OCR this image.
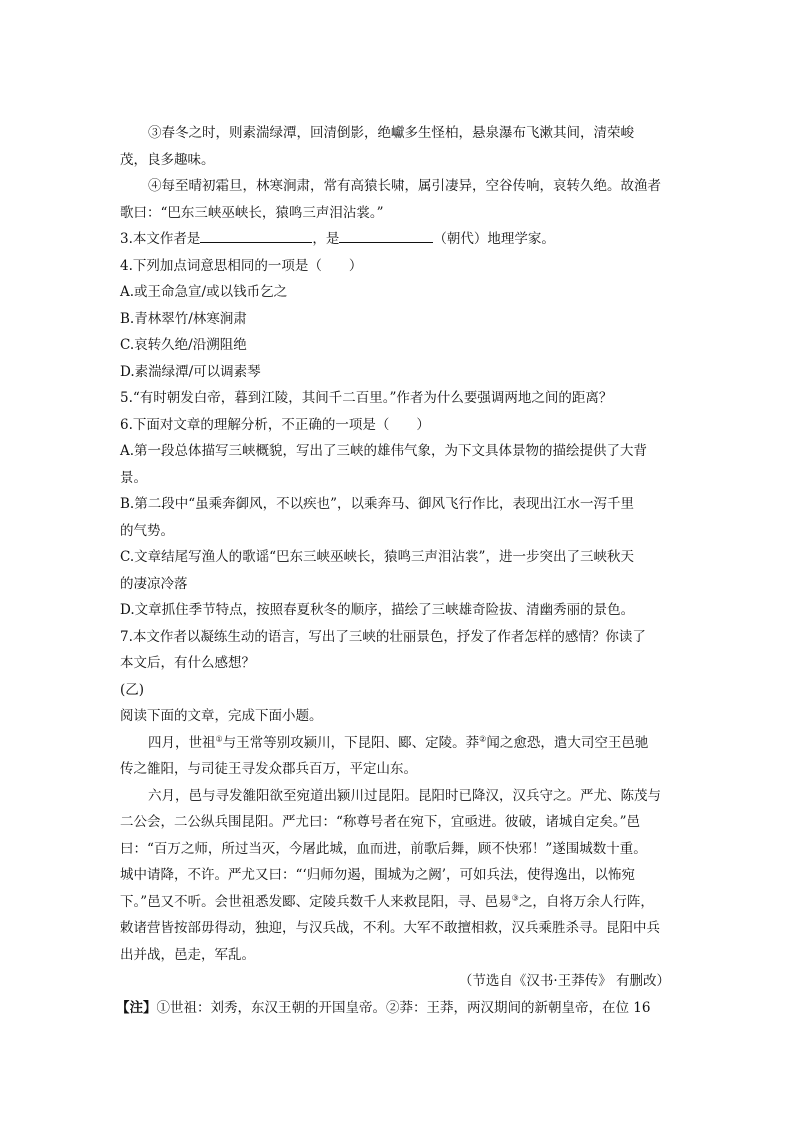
③春冬之时，则素湍绿潭，回清倒影，绝巘多生怪柏，悬泉瀑布飞漱其间，清荣峻
茂，良多趣味。
④每至晴初霜旦，林寒涧肃，常有高猿长啸，属引凄异，空谷传响，哀转久绝。故渔者
歌曰：“巴东三峡巫峡长，猿鸣三声泪沾裳。”
3.本文作者是	，是	（朝代）地理学家。
4.下列加点词意思相同的一项是（　　）
A.或王命急宣/或以钱币乞之
B.青林翠竹/林寒涧肃
C.哀转久绝/沿溯阻绝
D.素湍绿潭/可以调素琴
5.“有时朝发白帝，暮到江陵，其间千二百里。”作者为什么要强调两地之间的距离？
6.下面对文章的理解分析，不正确的一项是（　　）
A.第一段总体描写三峡概貌，写出了三峡的雄伟气象，为下文具体景物的描绘提供了大背
景。
B.第二段中“虽乘奔御风，不以疾也”，以乘奔马、御风飞行作比，表现出江水一泻千里
的气势。
C.文章结尾写渔人的歌谣“巴东三峡巫峡长，猿鸣三声泪沾裳”，进一步突出了三峡秋天
的凄凉冷落
D.文章抓住季节特点，按照春夏秋冬的顺序，描绘了三峡雄奇险拔、清幽秀丽的景色。
7.本文作者以凝练生动的语言，写出了三峡的壮丽景色，抒发了作者怎样的感情？你读了
本文后，有什么感想？
(乙)
阅读下面的文章，完成下面小题。
四月，世祖①与王常等别攻颍川，下昆阳、郾、定陵。莽②闻之愈恐，遣大司空王邑驰
传之雒阳，与司徒王寻发众郡兵百万，平定山东。
六月，邑与寻发雒阳欲至宛道出颍川过昆阳。昆阳时已降汉，汉兵守之。严尤、陈茂与
二公会，二公纵兵围昆阳。严尤曰：“称尊号者在宛下，宜亟进。彼破，诸城自定矣。”邑
曰：“百万之师，所过当灭，今屠此城，血而进，前歌后舞，顾不快邪！”遂围城数十重。
城中请降，不许。严尤又曰：“‘归师勿遏，围城为之阙’，可如兵法，使得逸出，以怖宛
下。”邑又不听。会世祖悉发郾、定陵兵数千人来救昆阳，寻、邑易③之，自将万余人行阵，
敕诸营皆按部毋得动，独迎，与汉兵战，不利。大军不敢擅相救，汉兵乘胜杀寻。昆阳中兵
出并战，邑走，军乱。
（节选自《汉书·王莽传》 有删改）
【注】①世祖：刘秀，东汉王朝的开国皇帝。②莽：王莽，两汉期间的新朝皇帝，在位 16
